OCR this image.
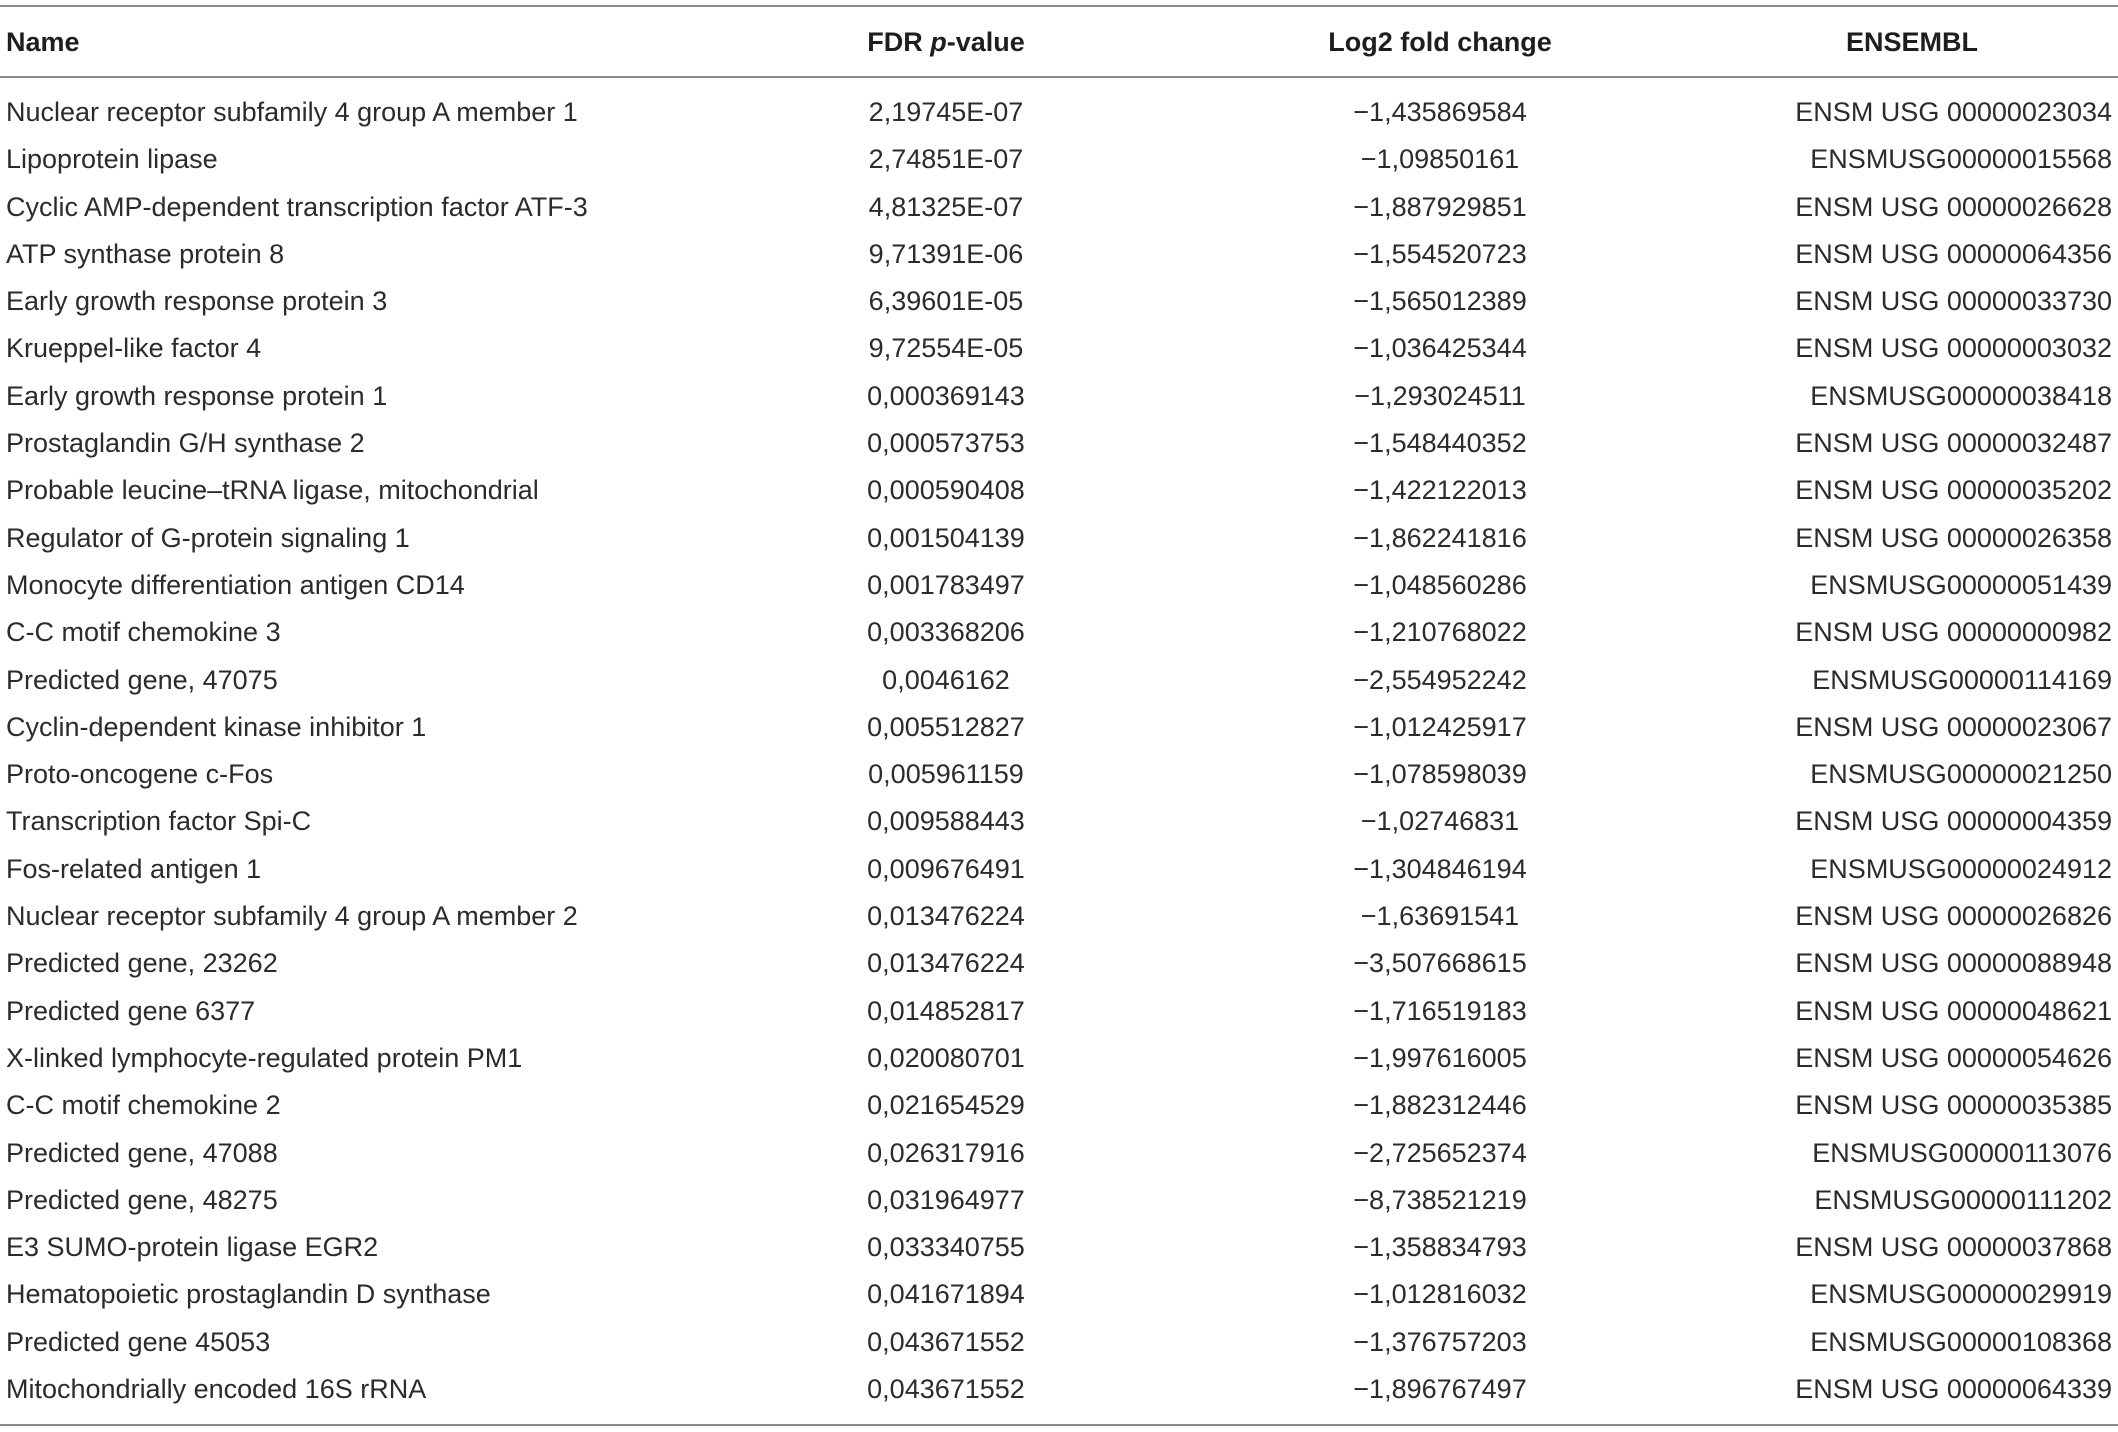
Name	FDR p-value	Log2 fold change	ENSEMBL
Nuclear receptor subfamily 4 group A member 1	2,19745E-07	−1,435869584	ENSM USG 00000023034
Lipoprotein lipase	2,74851E-07	−1,09850161	ENSMUSG00000015568
Cyclic AMP-dependent transcription factor ATF-3	4,81325E-07	−1,887929851	ENSM USG 00000026628
ATP synthase protein 8	9,71391E-06	−1,554520723	ENSM USG 00000064356
Early growth response protein 3	6,39601E-05	−1,565012389	ENSM USG 00000033730
Krueppel-like factor 4	9,72554E-05	−1,036425344	ENSM USG 00000003032
Early growth response protein 1	0,000369143	−1,293024511	ENSMUSG00000038418
Prostaglandin G/H synthase 2	0,000573753	−1,548440352	ENSM USG 00000032487
Probable leucine–tRNA ligase, mitochondrial	0,000590408	−1,422122013	ENSM USG 00000035202
Regulator of G-protein signaling 1	0,001504139	−1,862241816	ENSM USG 00000026358
Monocyte differentiation antigen CD14	0,001783497	−1,048560286	ENSMUSG00000051439
C-C motif chemokine 3	0,003368206	−1,210768022	ENSM USG 00000000982
Predicted gene, 47075	0,0046162	−2,554952242	ENSMUSG00000114169
Cyclin-dependent kinase inhibitor 1	0,005512827	−1,012425917	ENSM USG 00000023067
Proto-oncogene c-Fos	0,005961159	−1,078598039	ENSMUSG00000021250
Transcription factor Spi-C	0,009588443	−1,02746831	ENSM USG 00000004359
Fos-related antigen 1	0,009676491	−1,304846194	ENSMUSG00000024912
Nuclear receptor subfamily 4 group A member 2	0,013476224	−1,63691541	ENSM USG 00000026826
Predicted gene, 23262	0,013476224	−3,507668615	ENSM USG 00000088948
Predicted gene 6377	0,014852817	−1,716519183	ENSM USG 00000048621
X-linked lymphocyte-regulated protein PM1	0,020080701	−1,997616005	ENSM USG 00000054626
C-C motif chemokine 2	0,021654529	−1,882312446	ENSM USG 00000035385
Predicted gene, 47088	0,026317916	−2,725652374	ENSMUSG00000113076
Predicted gene, 48275	0,031964977	−8,738521219	ENSMUSG00000111202
E3 SUMO-protein ligase EGR2	0,033340755	−1,358834793	ENSM USG 00000037868
Hematopoietic prostaglandin D synthase	0,041671894	−1,012816032	ENSMUSG00000029919
Predicted gene 45053	0,043671552	−1,376757203	ENSMUSG00000108368
Mitochondrially encoded 16S rRNA	0,043671552	−1,896767497	ENSM USG 00000064339
